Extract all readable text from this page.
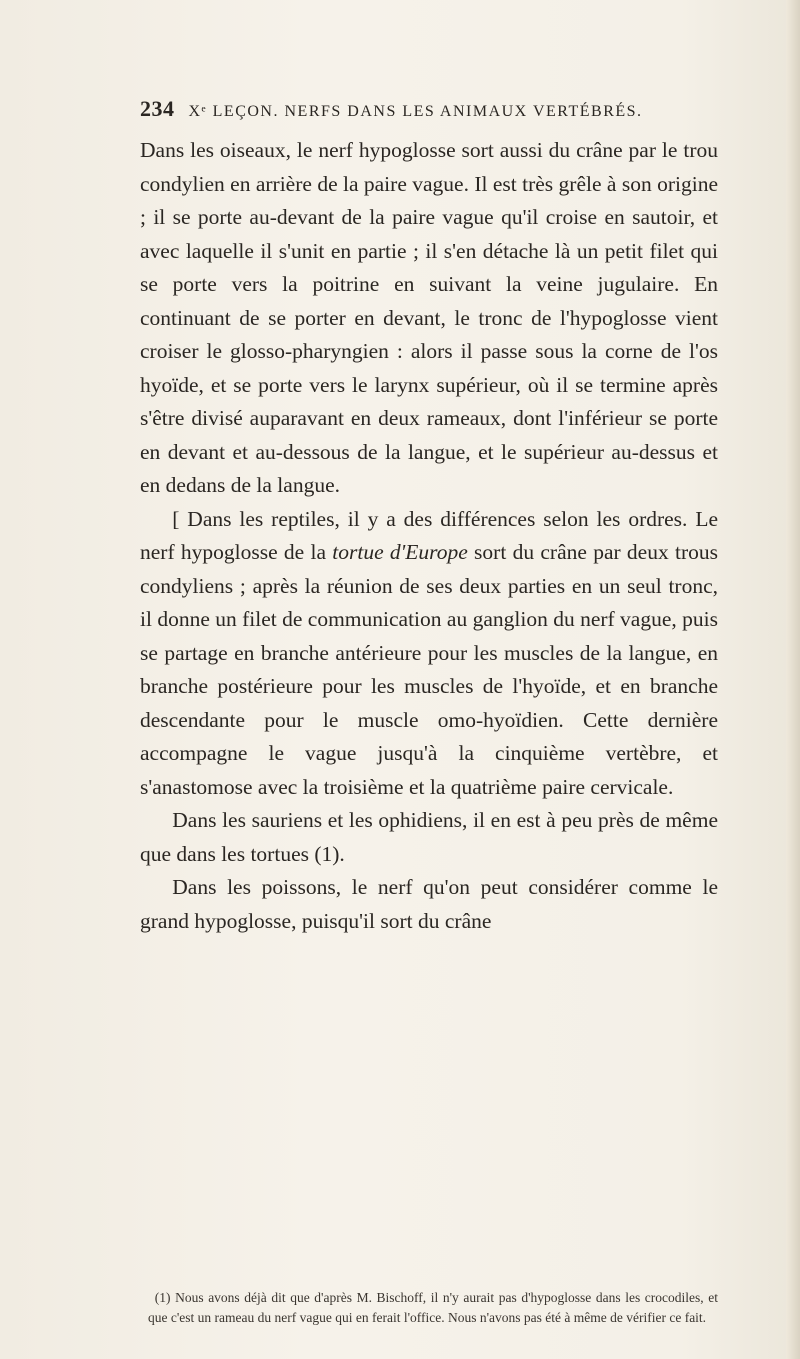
234 Xᵉ LEÇON. NERFS DANS LES ANIMAUX VERTÉBRÉS.

Dans les oiseaux, le nerf hypoglosse sort aussi du crâne par le trou condylien en arrière de la paire vague. Il est très grêle à son origine ; il se porte au-devant de la paire vague qu'il croise en sautoir, et avec laquelle il s'unit en partie ; il s'en détache là un petit filet qui se porte vers la poitrine en suivant la veine jugulaire. En continuant de se porter en devant, le tronc de l'hypoglosse vient croiser le glosso-pharyngien : alors il passe sous la corne de l'os hyoïde, et se porte vers le larynx supérieur, où il se termine après s'être divisé auparavant en deux rameaux, dont l'inférieur se porte en devant et au-dessous de la langue, et le supérieur au-dessus et en dedans de la langue.

[ Dans les reptiles, il y a des différences selon les ordres. Le nerf hypoglosse de la tortue d'Europe sort du crâne par deux trous condyliens ; après la réunion de ses deux parties en un seul tronc, il donne un filet de communication au ganglion du nerf vague, puis se partage en branche antérieure pour les muscles de la langue, en branche postérieure pour les muscles de l'hyoïde, et en branche descendante pour le muscle omo-hyoïdien. Cette dernière accompagne le vague jusqu'à la cinquième vertèbre, et s'anastomose avec la troisième et la quatrième paire cervicale.

Dans les sauriens et les ophidiens, il en est à peu près de même que dans les tortues (1).

Dans les poissons, le nerf qu'on peut considérer comme le grand hypoglosse, puisqu'il sort du crâne

(1) Nous avons déjà dit que d'après M. Bischoff, il n'y aurait pas d'hypoglosse dans les crocodiles, et que c'est un rameau du nerf vague qui en ferait l'office. Nous n'avons pas été à même de vérifier ce fait.
